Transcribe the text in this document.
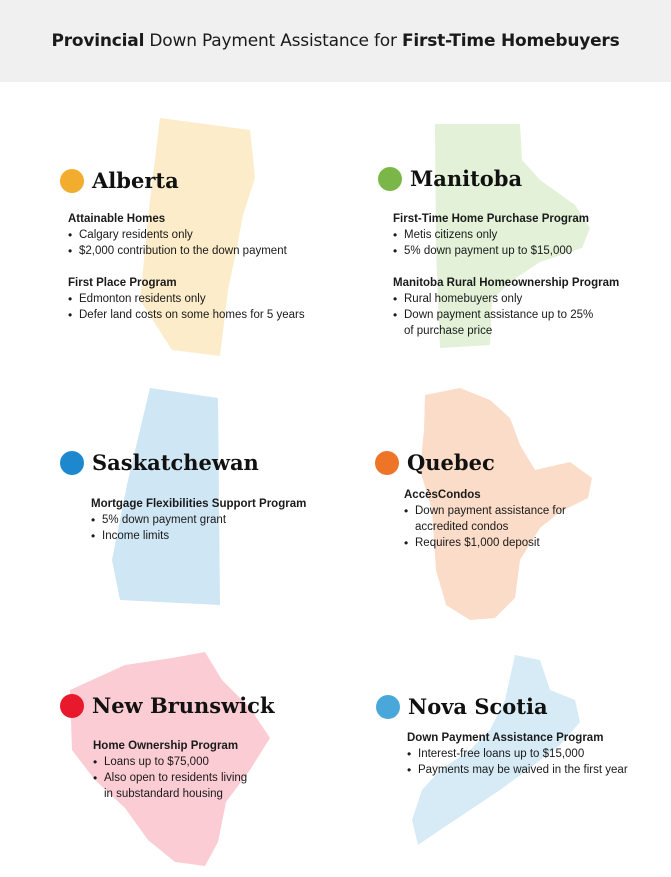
Provincial Down Payment Assistance for First-Time Homebuyers
Alberta
Attainable Homes
• Calgary residents only
• $2,000 contribution to the down payment
First Place Program
• Edmonton residents only
• Defer land costs on some homes for 5 years
Manitoba
First-Time Home Purchase Program
• Metis citizens only
• 5% down payment up to $15,000
Manitoba Rural Homeownership Program
• Rural homebuyers only
• Down payment assistance up to 25%
of purchase price
Saskatchewan
Mortgage Flexibilities Support Program
• 5% down payment grant
• Income limits
Quebec
AccèsCondos
• Down payment assistance for
accredited condos
• Requires $1,000 deposit
New Brunswick
Home Ownership Program
• Loans up to $75,000
• Also open to residents living
in substandard housing
Nova Scotia
Down Payment Assistance Program
• Interest-free loans up to $15,000
• Payments may be waived in the first year
